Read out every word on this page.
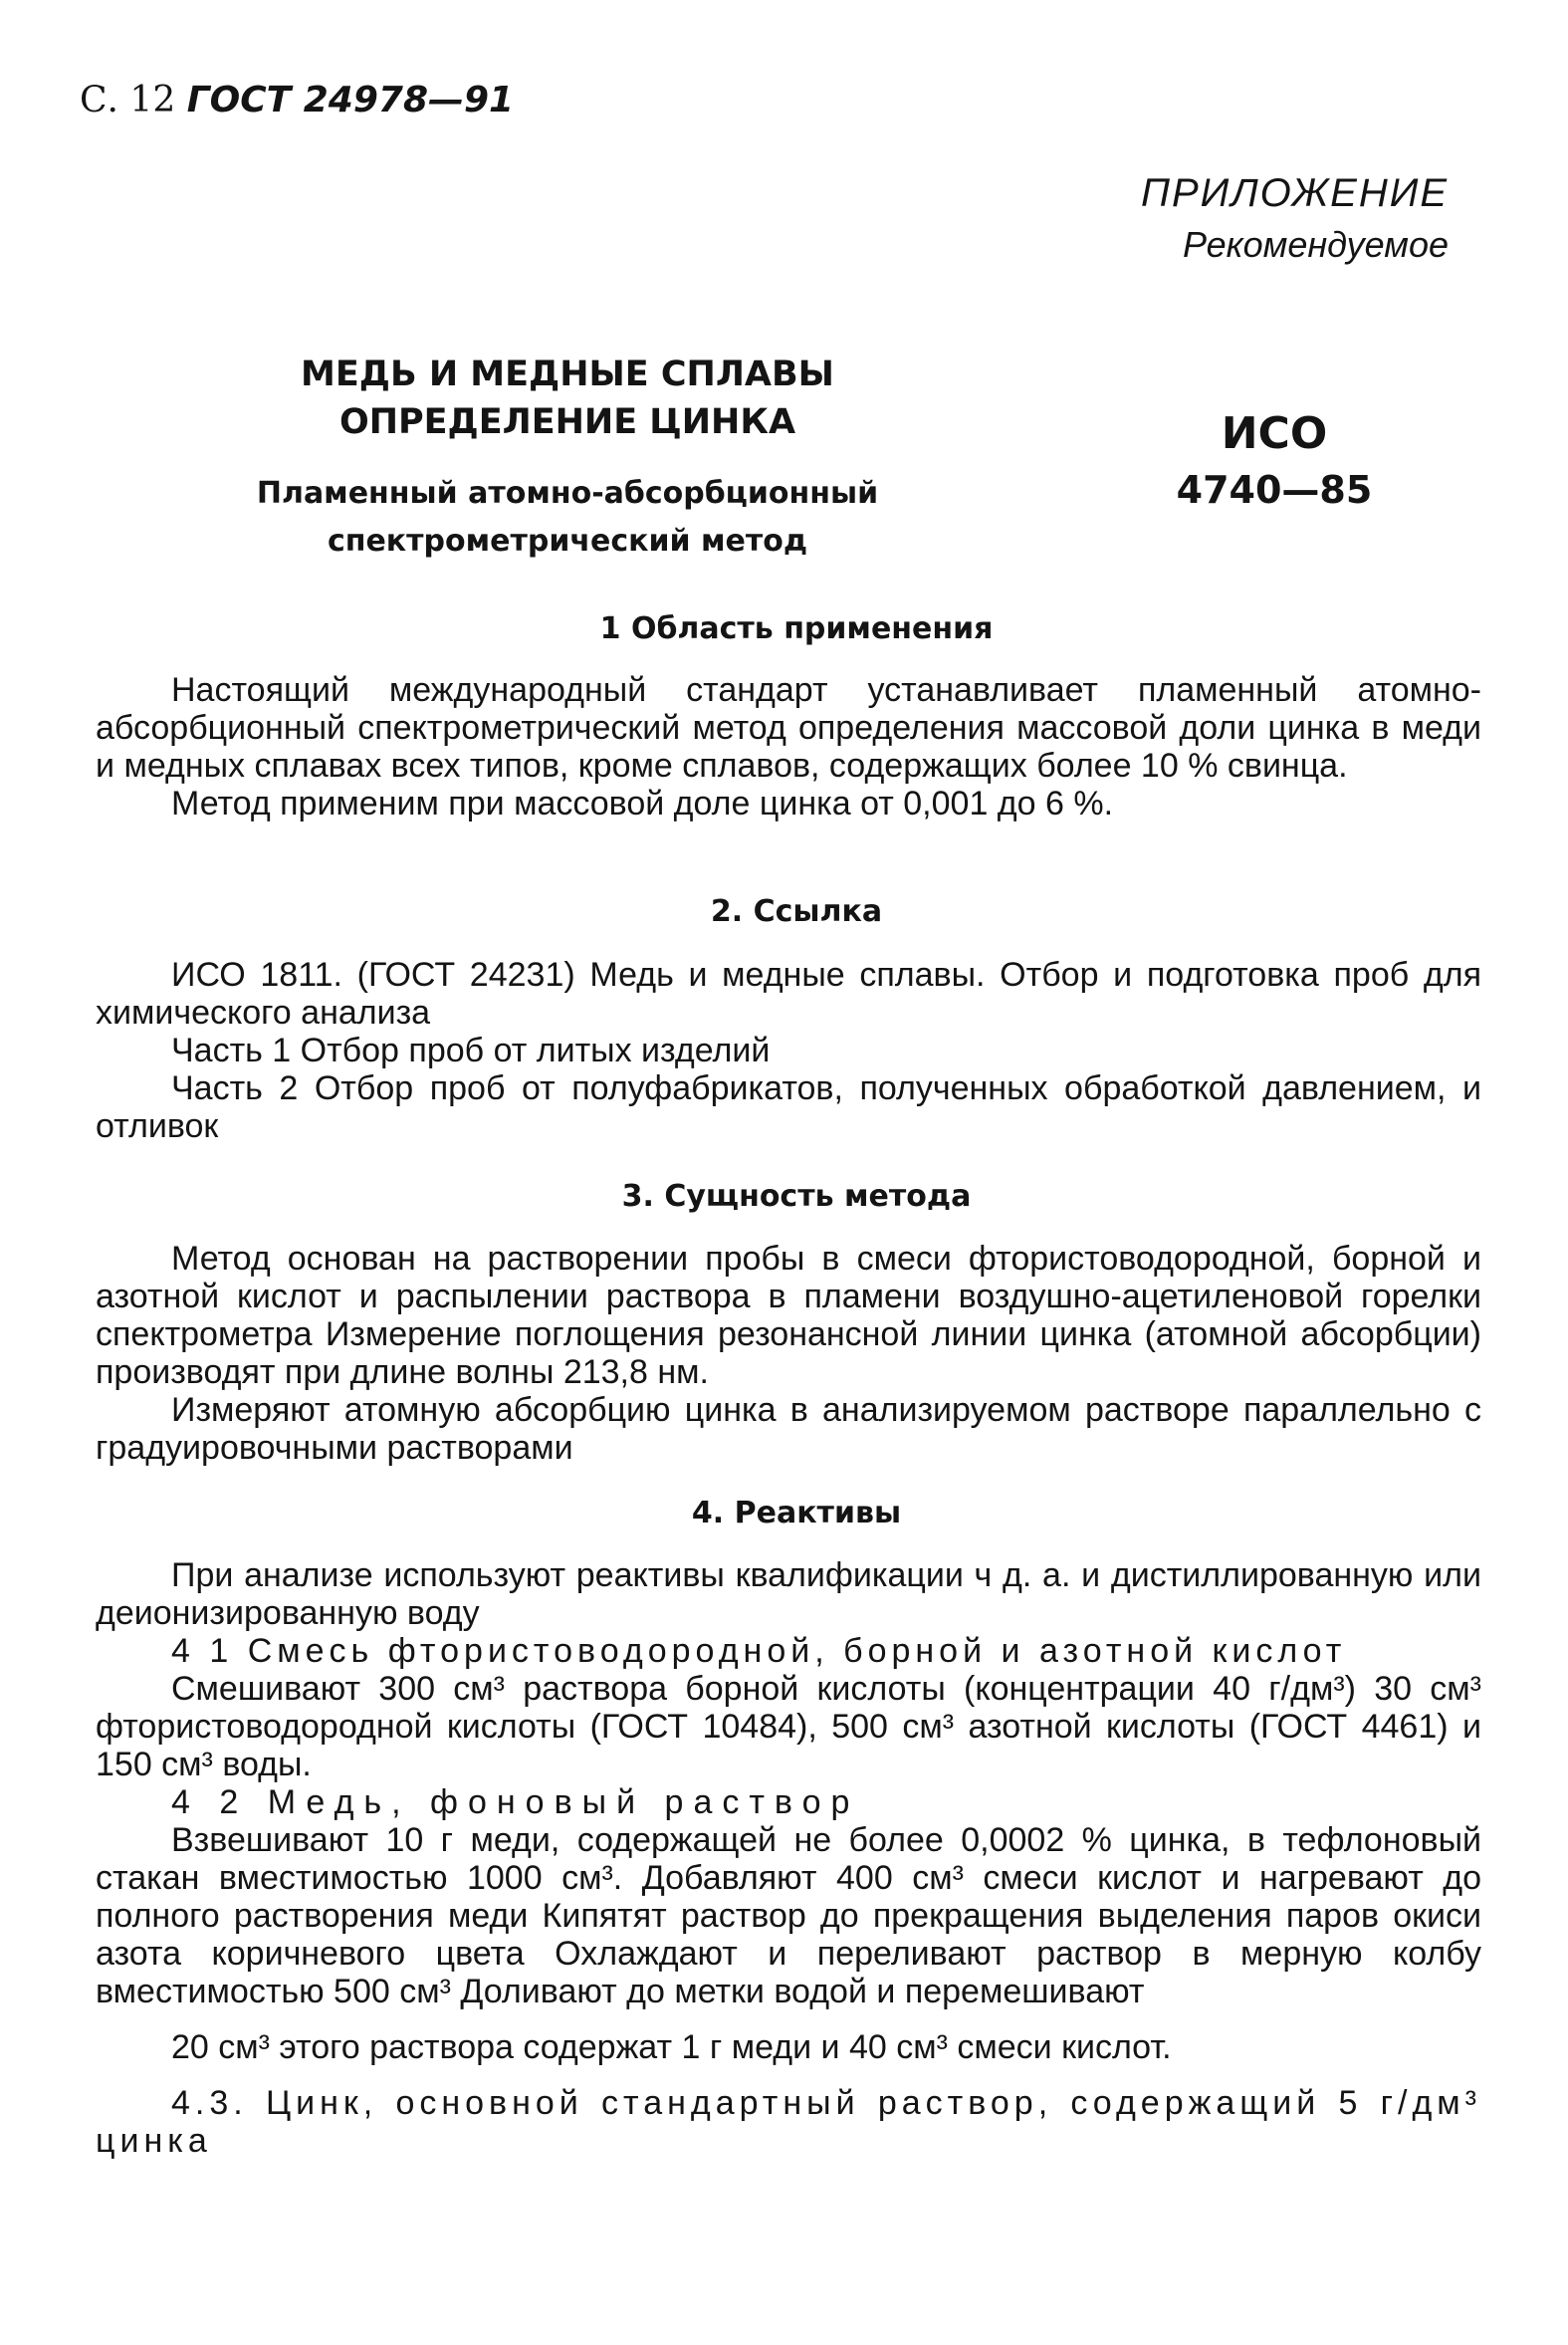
С. 12 ГОСТ 24978—91
ПРИЛОЖЕНИЕ
Рекомендуемое
МЕДЬ И МЕДНЫЕ СПЛАВЫ
ОПРЕДЕЛЕНИЕ ЦИНКА
Пламенный атомно-абсорбционный
спектрометрический метод
ИСО
4740—85
1 Область применения

Настоящий международный стандарт устанавливает пламенный атомно-абсорбционный спектрометрический метод определения массовой доли цинка в меди и медных сплавах всех типов, кроме сплавов, содержащих более 10 % свинца.

Метод применим при массовой доле цинка от 0,001 до 6 %.

2. Ссылка

ИСО 1811. (ГОСТ 24231) Медь и медные сплавы. Отбор и подготовка проб для химического анализа

Часть 1 Отбор проб от литых изделий

Часть 2 Отбор проб от полуфабрикатов, полученных обработкой давлением, и отливок

3. Сущность метода

Метод основан на растворении пробы в смеси фтористоводородной, борной и азотной кислот и распылении раствора в пламени воздушно-ацетиленовой горелки спектрометра Измерение поглощения резонансной линии цинка (атомной абсорбции) производят при длине волны 213,8 нм.

Измеряют атомную абсорбцию цинка в анализируемом растворе параллельно с градуировочными растворами

4. Реактивы

При анализе используют реактивы квалификации ч д. а. и дистиллированную или деионизированную воду

4 1 Смесь фтористоводородной, борной и азотной кислот

Смешивают 300 см³ раствора борной кислоты (концентрации 40 г/дм³) 30 см³ фтористоводородной кислоты (ГОСТ 10484), 500 см³ азотной кислоты (ГОСТ 4461) и 150 см³ воды.

4 2 Медь, фоновый раствор

Взвешивают 10 г меди, содержащей не более 0,0002 % цинка, в тефлоновый стакан вместимостью 1000 см³. Добавляют 400 см³ смеси кислот и нагревают до полного растворения меди Кипятят раствор до прекращения выделения паров окиси азота коричневого цвета Охлаждают и переливают раствор в мерную колбу вместимостью 500 см³ Доливают до метки водой и перемешивают

20 см³ этого раствора содержат 1 г меди и 40 см³ смеси кислот.

4.3. Цинк, основной стандартный раствор, содержащий 5 г/дм³ цинка
